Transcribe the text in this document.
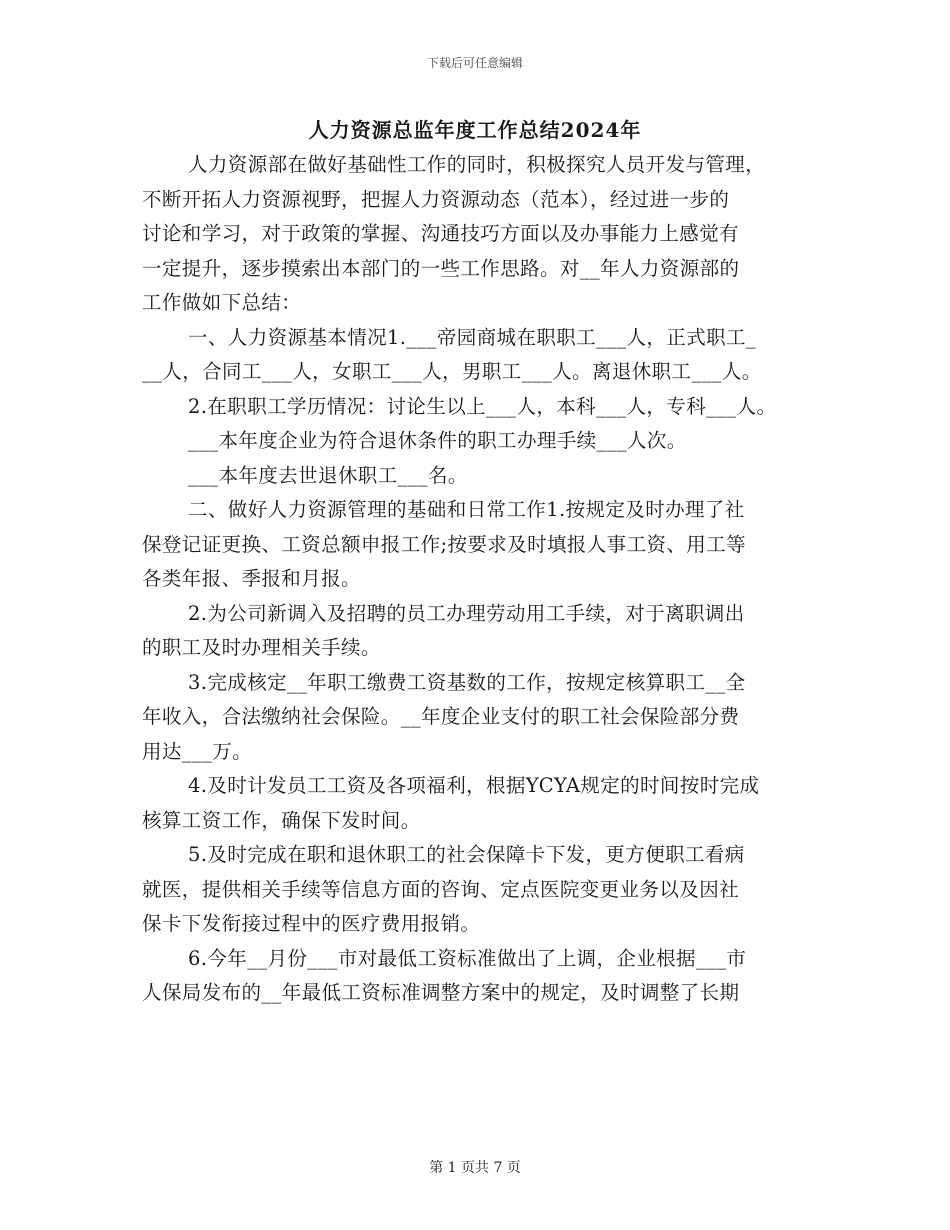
下载后可任意编辑
人力资源总监年度工作总结2024年
人力资源部在做好基础性工作的同时，积极探究人员开发与管理，
不断开拓人力资源视野，把握人力资源动态（范本），经过进一步的
讨论和学习，对于政策的掌握、沟通技巧方面以及办事能力上感觉有
一定提升，逐步摸索出本部门的一些工作思路。对__年人力资源部的
工作做如下总结：
一、人力资源基本情况1.___帝园商城在职职工___人，正式职工_
__人，合同工___人，女职工___人，男职工___人。离退休职工___人。
2.在职职工学历情况：讨论生以上___人，本科___人，专科___人。
___本年度企业为符合退休条件的职工办理手续___人次。
___本年度去世退休职工___名。
二、做好人力资源管理的基础和日常工作1.按规定及时办理了社
保登记证更换、工资总额申报工作;按要求及时填报人事工资、用工等
各类年报、季报和月报。
2.为公司新调入及招聘的员工办理劳动用工手续，对于离职调出
的职工及时办理相关手续。
3.完成核定__年职工缴费工资基数的工作，按规定核算职工__全
年收入，合法缴纳社会保险。__年度企业支付的职工社会保险部分费
用达___万。
4.及时计发员工工资及各项福利，根据YCYA规定的时间按时完成
核算工资工作，确保下发时间。
5.及时完成在职和退休职工的社会保障卡下发，更方便职工看病
就医，提供相关手续等信息方面的咨询、定点医院变更业务以及因社
保卡下发衔接过程中的医疗费用报销。
6.今年__月份___市对最低工资标准做出了上调，企业根据___市
人保局发布的__年最低工资标准调整方案中的规定，及时调整了长期
第 1 页共 7 页
